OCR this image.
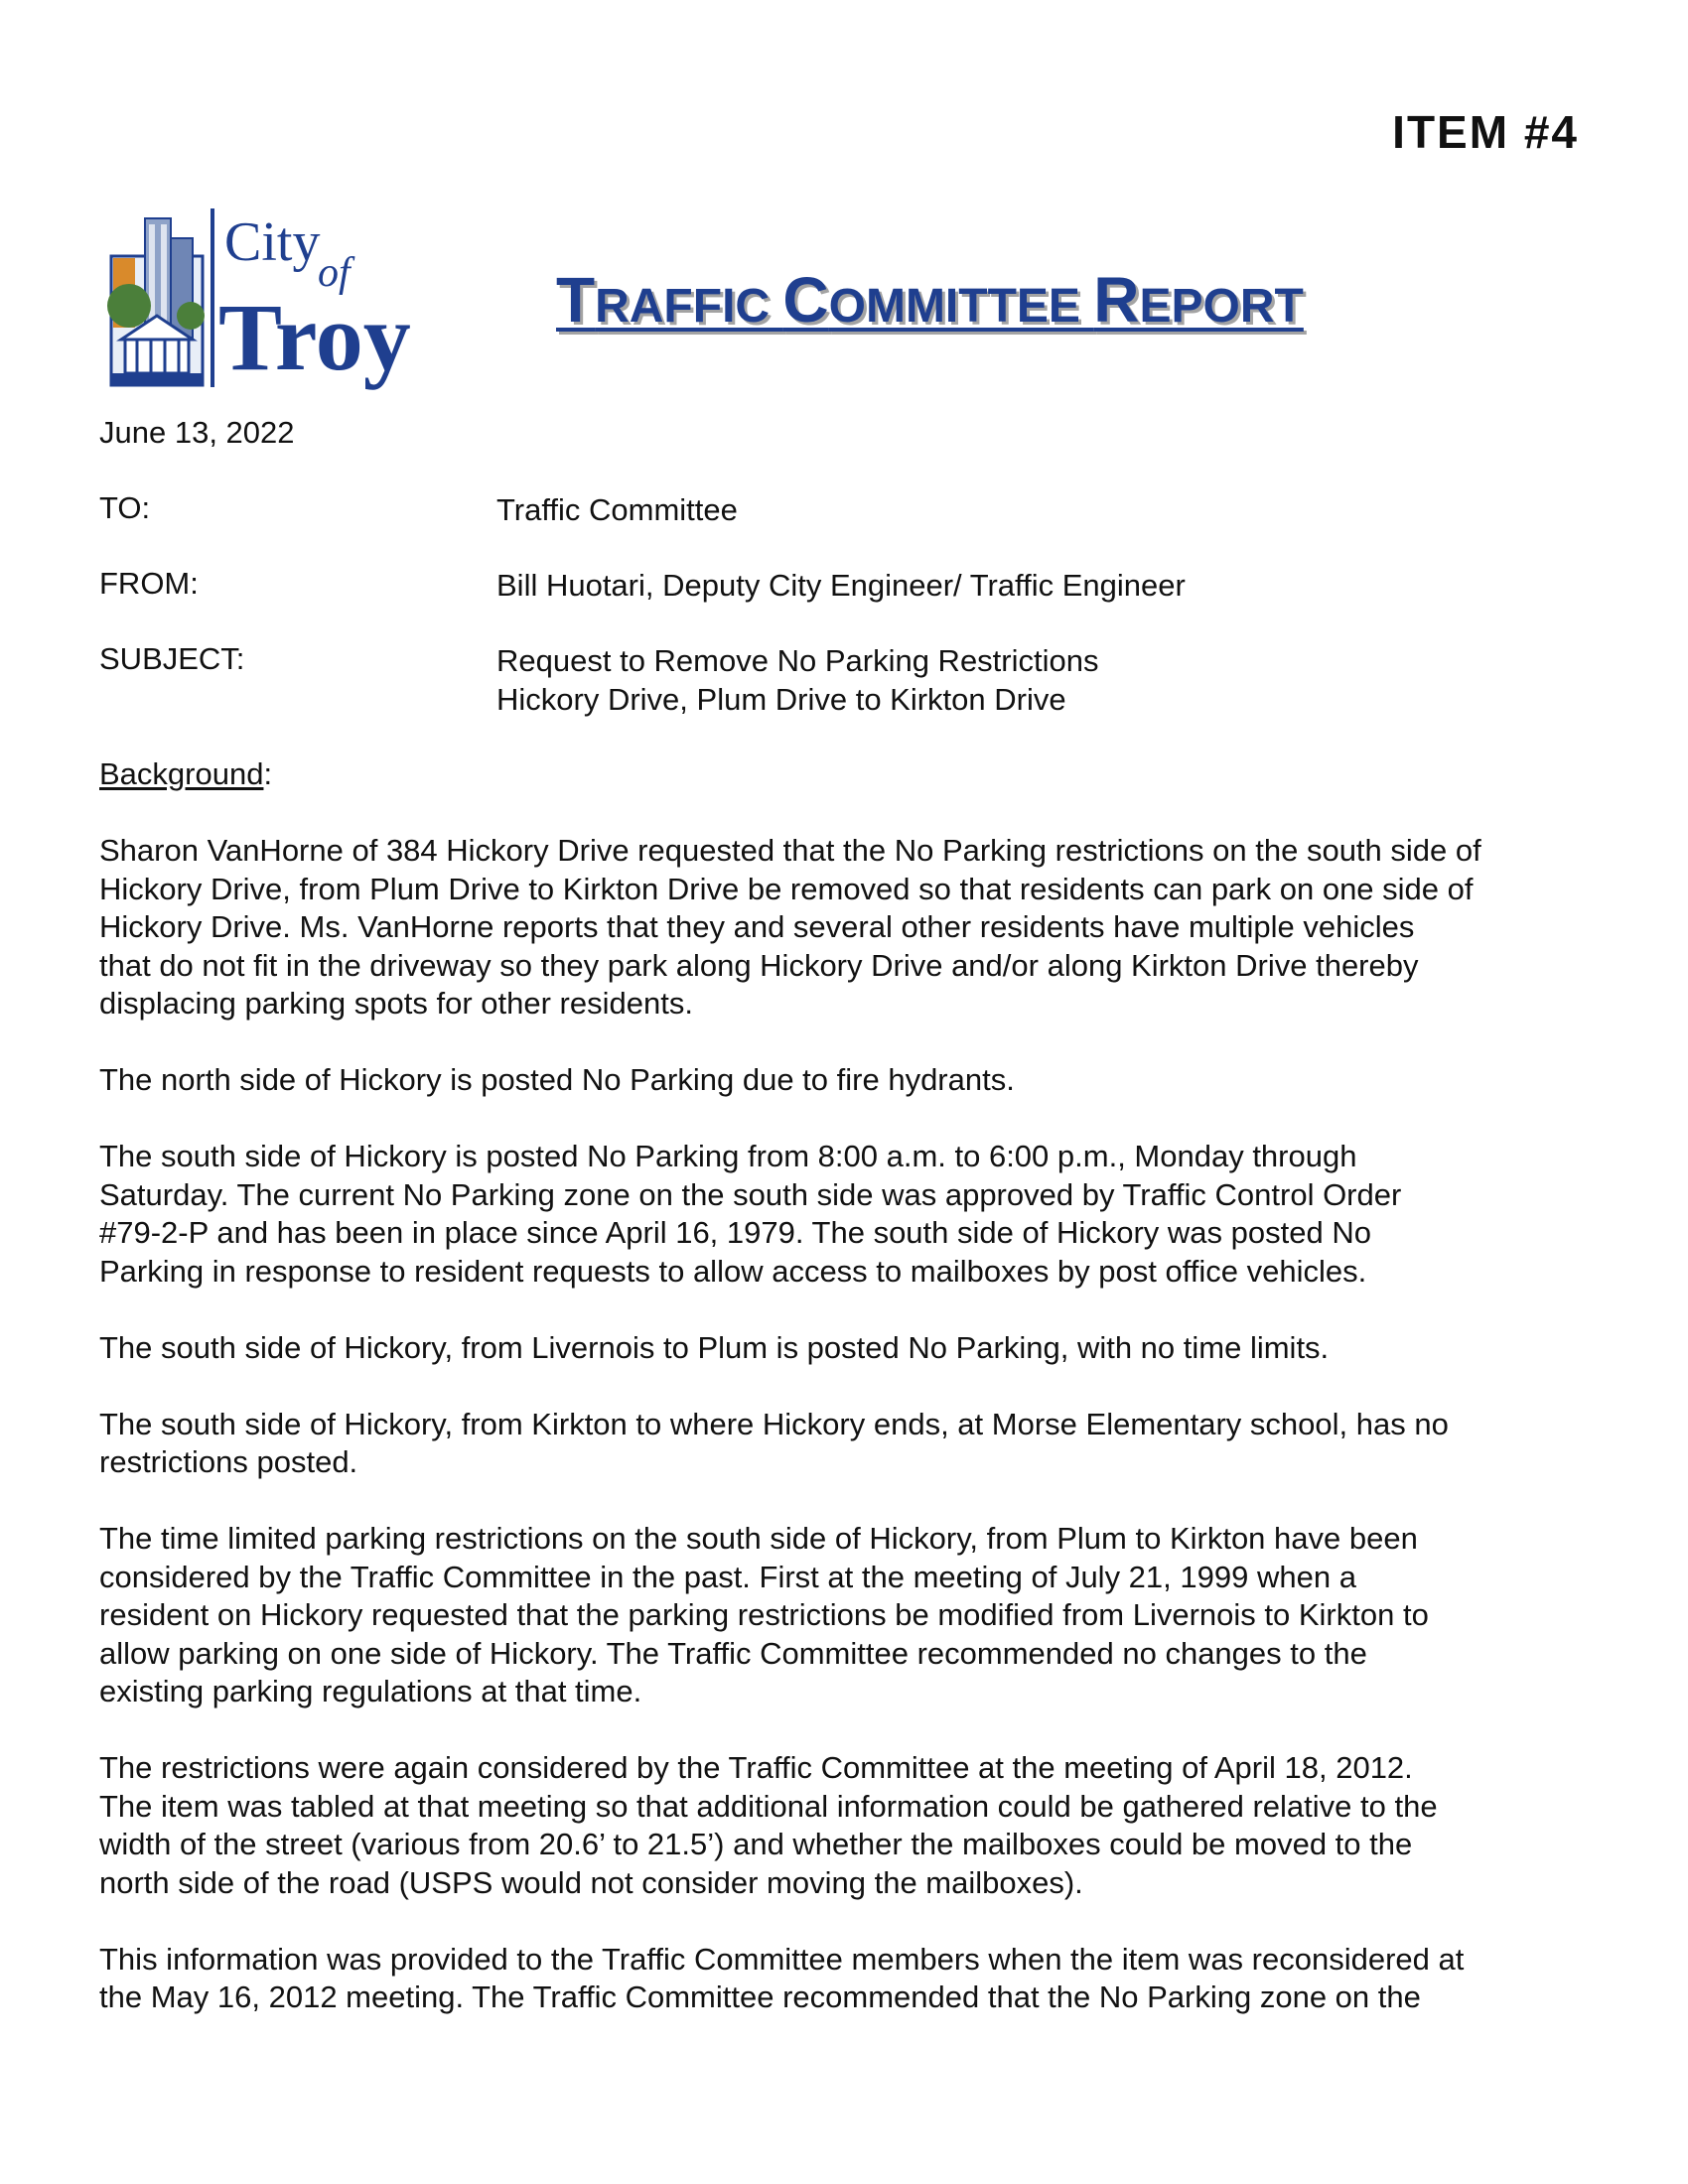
ITEM #4
City
of
Troy TRAFFIC COMMITTEE REPORT
June 13, 2022
TO:	Traffic Committee
FROM:	Bill Huotari, Deputy City Engineer/ Traffic Engineer
SUBJECT:	Request to Remove No Parking Restrictions
Hickory Drive, Plum Drive to Kirkton Drive
Background:

Sharon VanHorne of 384 Hickory Drive requested that the No Parking restrictions on the south side of
Hickory Drive, from Plum Drive to Kirkton Drive be removed so that residents can park on one side of
Hickory Drive. Ms. VanHorne reports that they and several other residents have multiple vehicles
that do not fit in the driveway so they park along Hickory Drive and/or along Kirkton Drive thereby
displacing parking spots for other residents.

The north side of Hickory is posted No Parking due to fire hydrants.

The south side of Hickory is posted No Parking from 8:00 a.m. to 6:00 p.m., Monday through
Saturday. The current No Parking zone on the south side was approved by Traffic Control Order
#79-2-P and has been in place since April 16, 1979. The south side of Hickory was posted No
Parking in response to resident requests to allow access to mailboxes by post office vehicles.

The south side of Hickory, from Livernois to Plum is posted No Parking, with no time limits.

The south side of Hickory, from Kirkton to where Hickory ends, at Morse Elementary school, has no
restrictions posted.

The time limited parking restrictions on the south side of Hickory, from Plum to Kirkton have been
considered by the Traffic Committee in the past. First at the meeting of July 21, 1999 when a
resident on Hickory requested that the parking restrictions be modified from Livernois to Kirkton to
allow parking on one side of Hickory. The Traffic Committee recommended no changes to the
existing parking regulations at that time.

The restrictions were again considered by the Traffic Committee at the meeting of April 18, 2012.
The item was tabled at that meeting so that additional information could be gathered relative to the
width of the street (various from 20.6’ to 21.5’) and whether the mailboxes could be moved to the
north side of the road (USPS would not consider moving the mailboxes).

This information was provided to the Traffic Committee members when the item was reconsidered at
the May 16, 2012 meeting. The Traffic Committee recommended that the No Parking zone on the
